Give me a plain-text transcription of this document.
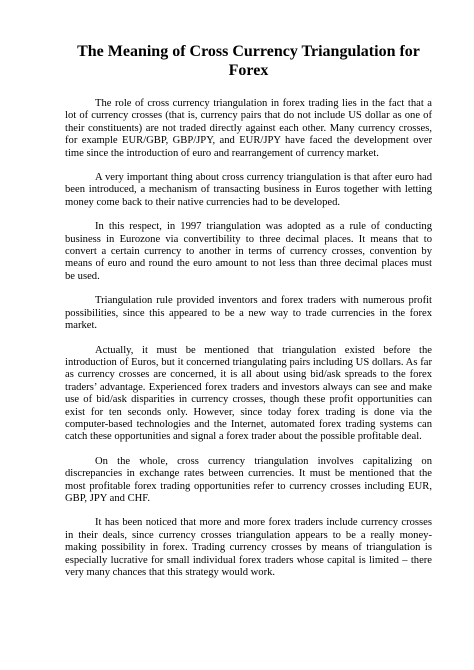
The Meaning of Cross Currency Triangulation for Forex

The role of cross currency triangulation in forex trading lies in the fact that a lot of currency crosses (that is, currency pairs that do not include US dollar as one of their constituents) are not traded directly against each other. Many currency crosses, for example EUR/GBP, GBP/JPY, and EUR/JPY have faced the development over time since the introduction of euro and rearrangement of currency market.

A very important thing about cross currency triangulation is that after euro had been introduced, a mechanism of transacting business in Euros together with letting money come back to their native currencies had to be developed.

In this respect, in 1997 triangulation was adopted as a rule of conducting business in Eurozone via convertibility to three decimal places. It means that to convert a certain currency to another in terms of currency crosses, convention by means of euro and round the euro amount to not less than three decimal places must be used.

Triangulation rule provided inventors and forex traders with numerous profit possibilities, since this appeared to be a new way to trade currencies in the forex market.

Actually, it must be mentioned that triangulation existed before the introduction of Euros, but it concerned triangulating pairs including US dollars. As far as currency crosses are concerned, it is all about using bid/ask spreads to the forex traders’ advantage. Experienced forex traders and investors always can see and make use of bid/ask disparities in currency crosses, though these profit opportunities can exist for ten seconds only. However, since today forex trading is done via the computer-based technologies and the Internet, automated forex trading systems can catch these opportunities and signal a forex trader about the possible profitable deal.

On the whole, cross currency triangulation involves capitalizing on discrepancies in exchange rates between currencies. It must be mentioned that the most profitable forex trading opportunities refer to currency crosses including EUR, GBP, JPY and CHF.

It has been noticed that more and more forex traders include currency crosses in their deals, since currency crosses triangulation appears to be a really money-making possibility in forex. Trading currency crosses by means of triangulation is especially lucrative for small individual forex traders whose capital is limited – there very many chances that this strategy would work.
